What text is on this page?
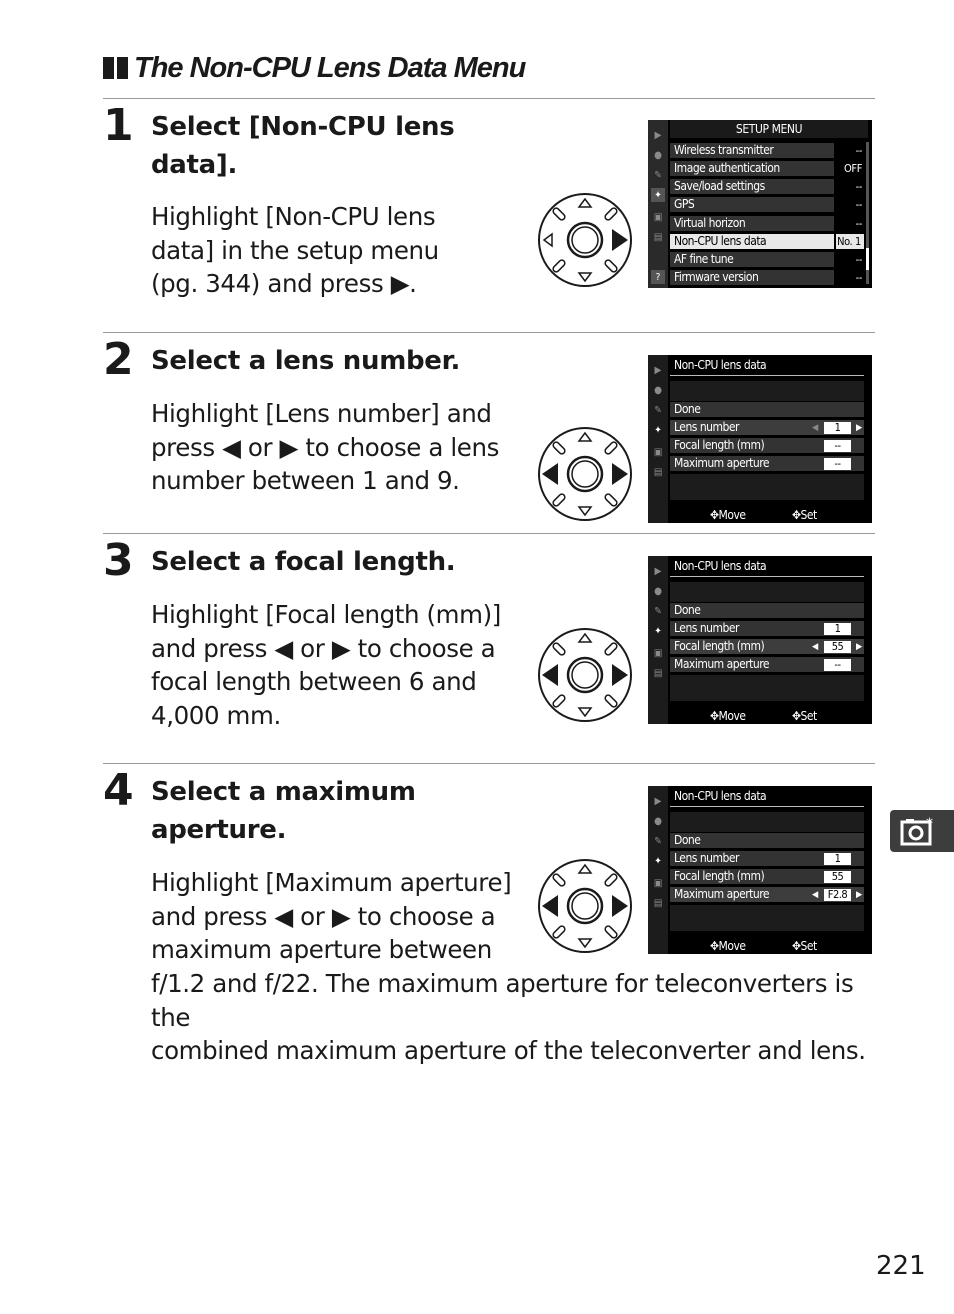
The Non-CPU Lens Data Menu
1 Select [Non-CPU lens
data].
Highlight [Non-CPU lens
data] in the setup menu
(pg. 344) and press ▶.
▶
●
✎
✦
▣
▤
?
SETUP MENU
Wireless transmitter	--
Image authentication	OFF
Save/load settings	--
GPS	--
Virtual horizon	--
Non-CPU lens data	No. 1
AF fine tune	--
Firmware version	--
2 Select a lens number.
Highlight [Lens number] and
press ◀ or ▶ to choose a lens
number between 1 and 9.
▶
●
✎
✦
▣
▤
Non-CPU lens data
Done
Lens number	◀	1	▶
Focal length (mm)	--
Maximum aperture	--
✥Move	✥Set
3 Select a focal length.
Highlight [Focal length (mm)]
and press ◀ or ▶ to choose a
focal length between 6 and
4,000 mm.
▶
●
✎
✦
▣
▤
Non-CPU lens data
Done
Lens number	1
Focal length (mm)	◀	55	▶
Maximum aperture	--
✥Move	✥Set
4 Select a maximum
aperture.
Highlight [Maximum aperture]
and press ◀ or ▶ to choose a
maximum aperture between
f/1.2 and f/22. The maximum aperture for teleconverters is the
combined maximum aperture of the teleconverter and lens.
▶
●
✎
✦
▣
▤
Non-CPU lens data
Done
Lens number	1
Focal length (mm)	55
Maximum aperture	◀ F2.8 ▶
✥Move	✥Set
*
221
